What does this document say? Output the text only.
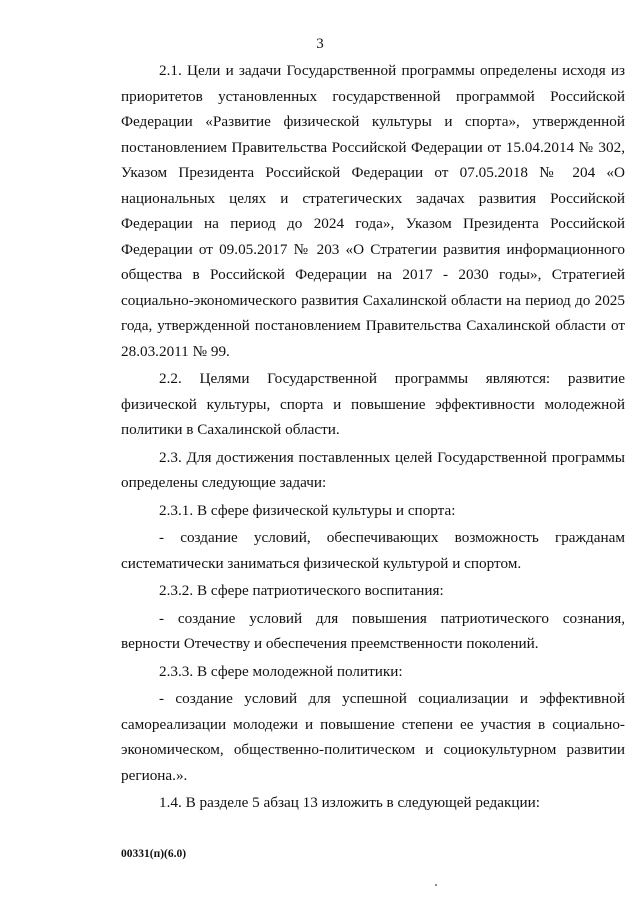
3

2.1. Цели и задачи Государственной программы определены исходя из приоритетов установленных государственной программой Российской Федерации «Развитие физической культуры и спорта», утвержденной постановлением Правительства Российской Федерации от 15.04.2014 № 302, Указом Президента Российской Федерации от 07.05.2018 № 204 «О национальных целях и стратегических задачах развития Российской Федерации на период до 2024 года», Указом Президента Российской Федерации от 09.05.2017 № 203 «О Стратегии развития информационного общества в Российской Федерации на 2017 - 2030 годы», Стратегией социально-экономического развития Сахалинской области на период до 2025 года, утвержденной постановлением Правительства Сахалинской области от 28.03.2011 № 99.

2.2. Целями Государственной программы являются: развитие физической культуры, спорта и повышение эффективности молодежной политики в Сахалинской области.

2.3. Для достижения поставленных целей Государственной программы определены следующие задачи:

2.3.1. В сфере физической культуры и спорта:

- создание условий, обеспечивающих возможность гражданам систематически заниматься физической культурой и спортом.

2.3.2. В сфере патриотического воспитания:

- создание условий для повышения патриотического сознания, верности Отечеству и обеспечения преемственности поколений.

2.3.3. В сфере молодежной политики:

- создание условий для успешной социализации и эффективной самореализации молодежи и повышение степени ее участия в социально-экономическом, общественно-политическом и социокультурном развитии региона.».

1.4. В разделе 5 абзац 13 изложить в следующей редакции:

00331(п)(6.0)
